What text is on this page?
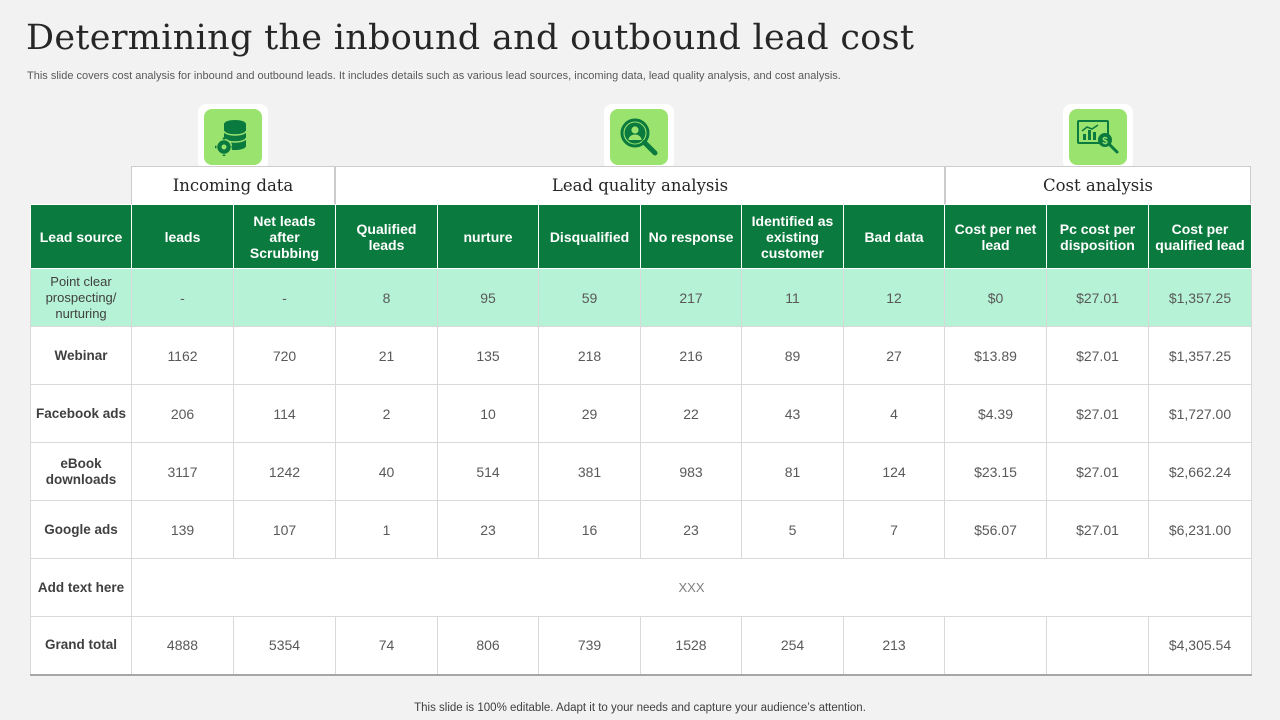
Determining the inbound and outbound lead cost
This slide covers cost analysis for inbound and outbound leads. It includes details such as various lead sources, incoming data, lead quality analysis, and cost analysis.
$
Incoming data	Lead quality analysis	Cost analysis
Lead source	leads	Net leads after Scrubbing	Qualified leads	nurture	Disqualified	No response	Identified as existing customer	Bad data	Cost per net lead	Pc cost per disposition	Cost per qualified lead
Point clear prospecting/ nurturing	-	-	8	95	59	217	11	12	$0	$27.01	$1,357.25
Webinar	1162	720	21	135	218	216	89	27	$13.89	$27.01	$1,357.25
Facebook ads	206	114	2	10	29	22	43	4	$4.39	$27.01	$1,727.00
eBook downloads	3117	1242	40	514	381	983	81	124	$23.15	$27.01	$2,662.24
Google ads	139	107	1	23	16	23	5	7	$56.07	$27.01	$6,231.00
Add text here	XXX										
Grand total	4888	5354	74	806	739	1528	254	213			$4,305.54
This slide is 100% editable. Adapt it to your needs and capture your audience’s attention.
